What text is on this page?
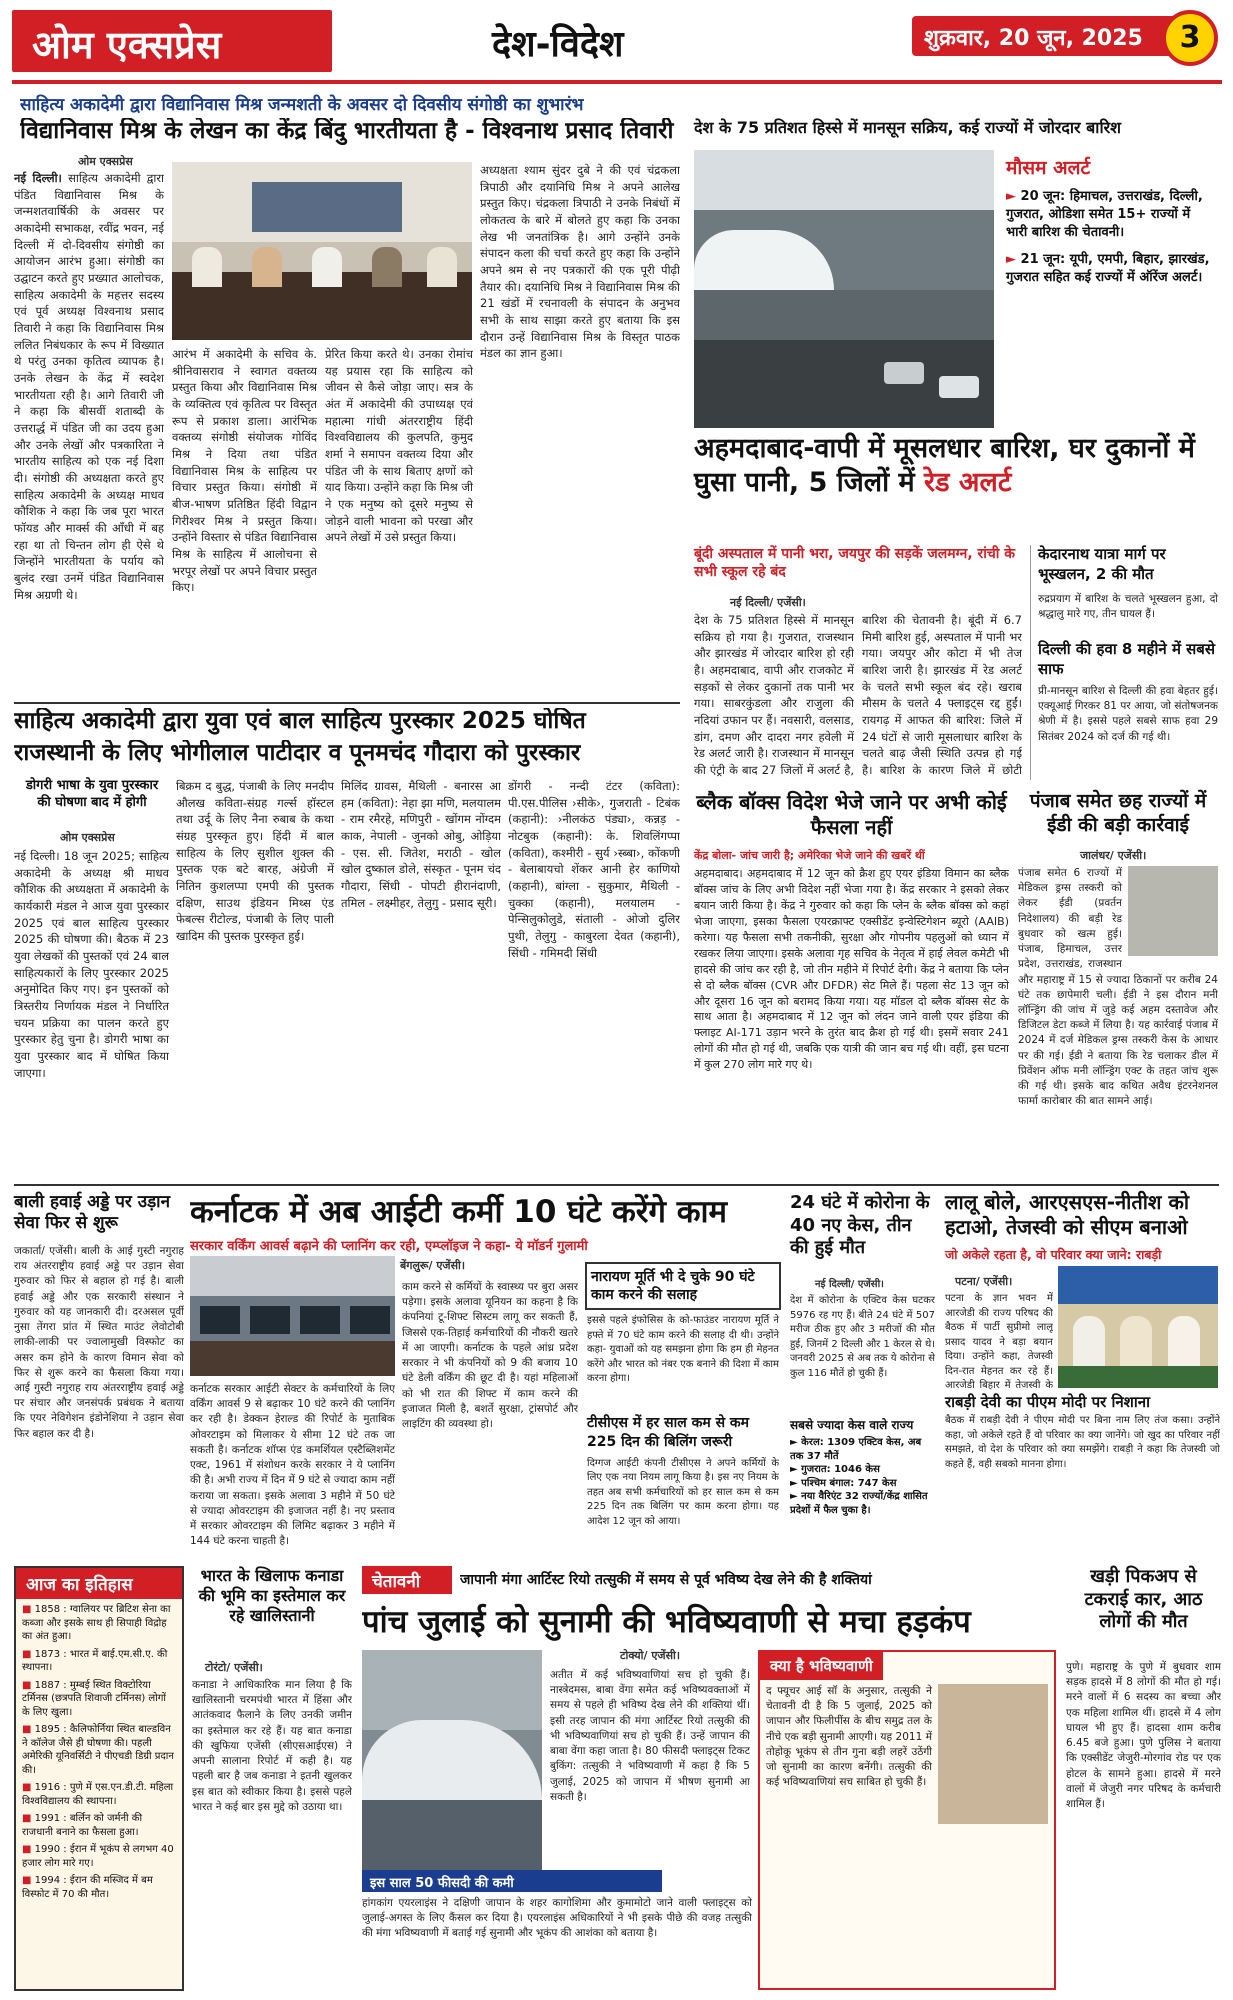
ओम एक्सप्रेस	देश-विदेश	शुक्रवार, 20 जून, 2025	3
साहित्य अकादेमी द्वारा विद्यानिवास मिश्र जन्मशती के अवसर दो दिवसीय संगोष्ठी का शुभारंभ
विद्यानिवास मिश्र के लेखन का केंद्र बिंदु भारतीयता है - विश्वनाथ प्रसाद तिवारी
ओम एक्सप्रेस

नई दिल्ली। साहित्य अकादेमी द्वारा पंडित विद्यानिवास मिश्र के जन्मशतवार्षिकी के अवसर पर अकादेमी सभाकक्ष, रवींद्र भवन, नई दिल्ली में दो-दिवसीय संगोष्ठी का आयोजन आरंभ हुआ। संगोष्ठी का उद्घाटन करते हुए प्रख्यात आलोचक, साहित्य अकादेमी के महत्तर सदस्य एवं पूर्व अध्यक्ष विश्वनाथ प्रसाद तिवारी ने कहा कि विद्यानिवास मिश्र ललित निबंधकार के रूप में विख्यात थे परंतु उनका कृतित्व व्यापक है। उनके लेखन के केंद्र में स्वदेश भारतीयता रही है। आगे तिवारी जी ने कहा कि बीसवीं शताब्दी के उत्तरार्द्ध में पंडित जी का उदय हुआ और उनके लेखों और पत्रकारिता ने भारतीय साहित्य को एक नई दिशा दी। संगोष्ठी की अध्यक्षता करते हुए साहित्य अकादेमी के अध्यक्ष माधव कौशिक ने कहा कि जब पूरा भारत फॉयड और मार्क्स की आँधी में बह रहा था तो चिन्तन लोग ही ऐसे थे जिन्होंने भारतीयता के पर्याय को बुलंद रखा उनमें पंडित विद्यानिवास मिश्र अग्रणी थे।

आरंभ में अकादेमी के सचिव के. श्रीनिवासराव ने स्वागत वक्तव्य प्रस्तुत किया और विद्यानिवास मिश्र के व्यक्तित्व एवं कृतित्व पर विस्तृत रूप से प्रकाश डाला। आरंभिक वक्तव्य संगोष्ठी संयोजक गोविंद मिश्र ने दिया तथा पंडित विद्यानिवास मिश्र के साहित्य पर विचार प्रस्तुत किया। संगोष्ठी में बीज-भाषण प्रतिष्ठित हिंदी विद्वान गिरीश्वर मिश्र ने प्रस्तुत किया। उन्होंने विस्तार से पंडित विद्यानिवास मिश्र के साहित्य में आलोचना से भरपूर लेखों पर अपने विचार प्रस्तुत किए।

प्रेरित किया करते थे। उनका रोमांच यह प्रयास रहा कि साहित्य को जीवन से कैसे जोड़ा जाए। सत्र के अंत में अकादेमी की उपाध्यक्ष एवं महात्मा गांधी अंतरराष्ट्रीय हिंदी विश्वविद्यालय की कुलपति, कुमुद शर्मा ने समापन वक्तव्य दिया और पंडित जी के साथ बिताए क्षणों को याद किया। उन्होंने कहा कि मिश्र जी ने एक मनुष्य को दूसरे मनुष्य से जोड़ने वाली भावना को परखा और अपने लेखों में उसे प्रस्तुत किया।

अध्यक्षता श्याम सुंदर दुबे ने की एवं चंद्रकला त्रिपाठी और दयानिधि मिश्र ने अपने आलेख प्रस्तुत किए। चंद्रकला त्रिपाठी ने उनके निबंधों में लोकतत्व के बारे में बोलते हुए कहा कि उनका लेख भी जनतांत्रिक है। आगे उन्होंने उनके संपादन कला की चर्चा करते हुए कहा कि उन्होंने अपने श्रम से नए पत्रकारों की एक पूरी पीढ़ी तैयार की। दयानिधि मिश्र ने विद्यानिवास मिश्र की 21 खंडों में रचनावली के संपादन के अनुभव सभी के साथ साझा करते हुए बताया कि इस दौरान उन्हें विद्यानिवास मिश्र के विस्तृत पाठक मंडल का ज्ञान हुआ।

देश के 75 प्रतिशत हिस्से में मानसून सक्रिय, कई राज्यों में जोरदार बारिश
मौसम अलर्ट
► 20 जून: हिमाचल, उत्तराखंड, दिल्ली, गुजरात, ओडिशा समेत 15+ राज्यों में भारी बारिश की चेतावनी।
► 21 जून: यूपी, एमपी, बिहार, झारखंड, गुजरात सहित कई राज्यों में ऑरेंज अलर्ट।
अहमदाबाद-वापी में मूसलधार बारिश, घर दुकानों में घुसा पानी, 5 जिलों में रेड अलर्ट
बूंदी अस्पताल में पानी भरा, जयपुर की सड़कें जलमग्न, रांची के सभी स्कूल रहे बंद
नई दिल्ली/ एजेंसी।

देश के 75 प्रतिशत हिस्से में मानसून सक्रिय हो गया है। गुजरात, राजस्थान और झारखंड में जोरदार बारिश हो रही है। अहमदाबाद, वापी और राजकोट में सड़कों से लेकर दुकानों तक पानी भर गया। साबरकुंडला और राजुला की नदियां उफान पर हैं। नवसारी, वलसाड, डांग, दमण और दादरा नगर हवेली में रेड अलर्ट जारी है। राजस्थान में मानसून की एंट्री के बाद 27 जिलों में अलर्ट है,

बारिश की चेतावनी है। बूंदी में 6.7 मिमी बारिश हुई, अस्पताल में पानी भर गया। जयपुर और कोटा में भी तेज बारिश जारी है। झारखंड में रेड अलर्ट के चलते सभी स्कूल बंद रहे। खराब मौसम के चलते 4 फ्लाइट्स रद्द हुईं। रायगढ़ में आफत की बारिश: जिले में 24 घंटों से जारी मूसलाधार बारिश के चलते बाढ़ जैसी स्थिति उत्पन्न हो गई है। बारिश के कारण जिले में छोटी

केदारनाथ यात्रा मार्ग पर भूस्खलन, 2 की मौत
रुद्रप्रयाग में बारिश के चलते भूस्खलन हुआ, दो श्रद्धालु मारे गए, तीन घायल हैं।
दिल्ली की हवा 8 महीने में सबसे साफ
प्री-मानसून बारिश से दिल्ली की हवा बेहतर हुई। एक्यूआई गिरकर 81 पर आया, जो संतोषजनक श्रेणी में है। इससे पहले सबसे साफ हवा 29 सितंबर 2024 को दर्ज की गई थी।
साहित्य अकादेमी द्वारा युवा एवं बाल साहित्य पुरस्कार 2025 घोषित
राजस्थानी के लिए भोगीलाल पाटीदार व पूनमचंद गौदारा को पुरस्कार
डोगरी भाषा के युवा पुरस्कार की घोषणा बाद में होगी
ओम एक्सप्रेस

नई दिल्ली। 18 जून 2025; साहित्य अकादेमी के अध्यक्ष श्री माधव कौशिक की अध्यक्षता में अकादेमी के कार्यकारी मंडल ने आज युवा पुरस्कार 2025 एवं बाल साहित्य पुरस्कार 2025 की घोषणा की। बैठक में 23 युवा लेखकों की पुस्तकों एवं 24 बाल साहित्यकारों के लिए पुरस्कार 2025 अनुमोदित किए गए। इन पुस्तकों को त्रिस्तरीय निर्णायक मंडल ने निर्धारित चयन प्रक्रिया का पालन करते हुए पुरस्कार हेतु चुना है। डोगरी भाषा का युवा पुरस्कार बाद में घोषित किया जाएगा।

बिक्रम द बुद्ध, पंजाबी के लिए मनदीप औलख कविता-संग्रह गर्ल्स हॉस्टल तथा उर्दू के लिए नैना रुबाब के कथा संग्रह पुरस्कृत हुए। हिंदी में बाल साहित्य के लिए सुशील शुक्ल की पुस्तक एक बटे बारह, अंग्रेजी में नितिन कुशलप्पा एमपी की पुस्तक दक्षिण, साउथ इंडियन मिथ्स एंड फेबल्स रीटोल्ड, पंजाबी के लिए पाली खादिम की पुस्तक पुरस्कृत हुई।

मिलिंद ग्रावस, मैथिली - बनारस आ हम (कविता): नेहा झा मणि, मलयालम - राम रमैरहे, मणिपुरी - खोंगम नोंग्दम काक, नेपाली - जुनको ओबु, ओड़िया - एस. सी. जितेश, मराठी - खोल खोल दुष्काल डोले, संस्कृत - पूनम चंद गौदारा, सिंधी - पोपटी हीरानंदाणी, तमिल - लक्ष्मीहर, तेलुगु - प्रसाद सूरी।

डोंगरी - नन्दी टंटर (कविता): पी.एस.पीलिस ›सीके›, गुजराती - टिबंक (कहानी): ›नीलकंठ पंड्या›, कन्नड़ - नोटबुक (कहानी): के. शिवलिंगप्पा (कविता), कश्मीरी - सुर्य ›स्ब्बा›, कोंकणी - बेलाबायचो शेंकर आनी हेर काणियो (कहानी), बांग्ला - सुकुमार, मैथिली - चुक्का (कहानी), मलयालम - पेन्सिलुकोलुडे, संताली - ओजो दुलिर पुथी, तेलुगु - काबुरला देवत (कहानी), सिंधी - गमिमदी सिंधी

ब्लैक बॉक्स विदेश भेजे जाने पर अभी कोई फैसला नहीं
केंद्र बोला- जांच जारी है; अमेरिका भेजे जाने की खबरें थीं

अहमदाबाद। अहमदाबाद में 12 जून को क्रैश हुए एयर इंडिया विमान का ब्लैक बॉक्स जांच के लिए अभी विदेश नहीं भेजा गया है। केंद्र सरकार ने इसको लेकर बयान जारी किया है। केंद्र ने गुरुवार को कहा कि प्लेन के ब्लैक बॉक्स को कहां भेजा जाएगा, इसका फैसला एयरक्राफ्ट एक्सीडेंट इन्वेस्टिगेशन ब्यूरो (AAIB) करेगा। यह फैसला सभी तकनीकी, सुरक्षा और गोपनीय पहलुओं को ध्यान में रखकर लिया जाएगा। इसके अलावा गृह सचिव के नेतृत्व में हाई लेवल कमेटी भी हादसे की जांच कर रही है, जो तीन महीने में रिपोर्ट देगी। केंद्र ने बताया कि प्लेन से दो ब्लैक बॉक्स (CVR और DFDR) सेट मिले हैं। पहला सेट 13 जून को और दूसरा 16 जून को बरामद किया गया। यह मॉडल दो ब्लैक बॉक्स सेट के साथ आता है। अहमदाबाद में 12 जून को लंदन जाने वाली एयर इंडिया की फ्लाइट AI-171 उड़ान भरने के तुरंत बाद क्रैश हो गई थी। इसमें सवार 241 लोगों की मौत हो गई थी, जबकि एक यात्री की जान बच गई थी। वहीं, इस घटना में कुल 270 लोग मारे गए थे।

पंजाब समेत छह राज्यों में ईडी की बड़ी कार्रवाई
जालंधर/ एजेंसी।

पंजाब समेत 6 राज्यों में मेडिकल ड्रग्स तस्करी को लेकर ईडी (प्रवर्तन निदेशालय) की बड़ी रेड बुधवार को खत्म हुई। पंजाब, हिमाचल, उत्तर प्रदेश, उत्तराखंड, राजस्थान और महाराष्ट्र में 15 से ज्यादा ठिकानों पर करीब 24 घंटे तक छापेमारी चली। ईडी ने इस दौरान मनी लॉन्ड्रिंग की जांच में जुड़े कई अहम दस्तावेज और डिजिटल डेटा कब्जे में लिया है। यह कार्रवाई पंजाब में 2024 में दर्ज मेडिकल ड्रग्स तस्करी केस के आधार पर की गई। ईडी ने बताया कि रेड चलाकर डील में प्रिवेंशन ऑफ मनी लॉन्ड्रिंग एक्ट के तहत जांच शुरू की गई थी। इसके बाद कथित अवैध इंटरनेशनल फार्मा कारोबार की बात सामने आई।

बाली हवाई अड्डे पर उड़ान सेवा फिर से शुरू

जकार्ता/ एजेंसी। बाली के आई गुस्टी नगुराह राय अंतरराष्ट्रीय हवाई अड्डे पर उड़ान सेवा गुरुवार को फिर से बहाल हो गई है। बाली हवाई अड्डे और एक सरकारी संस्थान ने गुरुवार को यह जानकारी दी। दरअसल पूर्वी नुसा तेंगरा प्रांत में स्थित माउंट लेवोटोबी लाकी-लाकी पर ज्वालामुखी विस्फोट का असर कम होने के कारण विमान सेवा को फिर से शुरू करने का फैसला किया गया। आई गुस्टी नगुराह राय अंतरराष्ट्रीय हवाई अड्डे पर संचार और जनसंपर्क प्रबंधक ने बताया कि एयर नेविगेशन इंडोनेशिया ने उड़ान सेवा फिर बहाल कर दी है।

कर्नाटक में अब आईटी कर्मी 10 घंटे करेंगे काम
सरकार वर्किंग आवर्स बढ़ाने की प्लानिंग कर रही, एम्प्लॉइज ने कहा- ये मॉडर्न गुलामी
बेंगलुरू/ एजेंसी।

कर्नाटक सरकार आईटी सेक्टर के कर्मचारियों के लिए वर्किंग आवर्स 9 से बढ़ाकर 10 घंटे करने की प्लानिंग कर रही है। डेक्कन हेराल्ड की रिपोर्ट के मुताबिक ओवरटाइम को मिलाकर ये सीमा 12 घंटे तक जा सकती है। कर्नाटक शॉप्स एंड कमर्शियल एस्टैब्लिशमेंट एक्ट, 1961 में संशोधन करके सरकार ने ये प्लानिंग की है। अभी राज्य में दिन में 9 घंटे से ज्यादा काम नहीं कराया जा सकता। इसके अलावा 3 महीने में 50 घंटे से ज्यादा ओवरटाइम की इजाजत नहीं है। नए प्रस्ताव में सरकार ओवरटाइम की लिमिट बढ़ाकर 3 महीने में 144 घंटे करना चाहती है।

काम करने से कर्मियों के स्वास्थ्य पर बुरा असर पड़ेगा। इसके अलावा यूनियन का कहना है कि कंपनियां टू-शिफ्ट सिस्टम लागू कर सकती हैं, जिससे एक-तिहाई कर्मचारियों की नौकरी खतरे में आ जाएगी। कर्नाटक के पहले आंध्र प्रदेश सरकार ने भी कंपनियों को 9 की बजाय 10 घंटे डेली वर्किंग की छूट दी है। यहां महिलाओं को भी रात की शिफ्ट में काम करने की इजाजत मिली है, बशर्ते सुरक्षा, ट्रांसपोर्ट और लाइटिंग की व्यवस्था हो।

नारायण मूर्ति भी दे चुके 90 घंटे काम करने की सलाह
इससे पहले इंफोसिस के को-फाउंडर नारायण मूर्ति ने हफ्ते में 70 घंटे काम करने की सलाह दी थी। उन्होंने कहा- युवाओं को यह समझना होगा कि हम ही मेहनत करेंगे और भारत को नंबर एक बनाने की दिशा में काम करना होगा।
टीसीएस में हर साल कम से कम 225 दिन की बिलिंग जरूरी
दिग्गज आईटी कंपनी टीसीएस ने अपने कर्मियों के लिए एक नया नियम लागू किया है। इस नए नियम के तहत अब सभी कर्मचारियों को हर साल कम से कम 225 दिन तक बिलिंग पर काम करना होगा। यह आदेश 12 जून को आया।
24 घंटे में कोरोना के 40 नए केस, तीन की हुई मौत
नई दिल्ली/ एजेंसी।

देश में कोरोना के एक्टिव केस घटकर 5976 रह गए हैं। बीते 24 घंटे में 507 मरीज ठीक हुए और 3 मरीजों की मौत हुई, जिनमें 2 दिल्ली और 1 केरल से थे। जनवरी 2025 से अब तक ये कोरोना से कुल 116 मौतें हो चुकी हैं।

सबसे ज्यादा केस वाले राज्य
► केरल: 1309 एक्टिव केस, अब तक 37 मौतें
► गुजरात: 1046 केस
► पश्चिम बंगाल: 747 केस
► नया वैरिएंट 32 राज्यों/केंद्र शासित प्रदेशों में फैल चुका है।
लालू बोले, आरएसएस-नीतीश को हटाओ, तेजस्वी को सीएम बनाओ
जो अकेले रहता है, वो परिवार क्या जाने: राबड़ी
पटना/ एजेंसी।

पटना के ज्ञान भवन में आरजेडी की राज्य परिषद की बैठक में पार्टी सुप्रीमो लालू प्रसाद यादव ने बड़ा बयान दिया। उन्होंने कहा, तेजस्वी दिन-रात मेहनत कर रहे हैं। आरजेडी बिहार में तेजस्वी के

राबड़ी देवी का पीएम मोदी पर निशाना

बैठक में राबड़ी देवी ने पीएम मोदी पर बिना नाम लिए तंज कसा। उन्होंने कहा, जो अकेले रहते हैं वो परिवार का क्या जानेंगे। जो खुद का परिवार नहीं समझते, वो देश के परिवार को क्या समझेंगे। राबड़ी ने कहा कि तेजस्वी जो कहते हैं, वही सबको मानना होगा।

आज का इतिहास
■ 1858 : ग्वालियर पर ब्रिटिश सेना का कब्जा और इसके साथ ही सिपाही विद्रोह का अंत हुआ।
■ 1873 : भारत में बाई.एम.सी.ए. की स्थापना।
■ 1887 : मुम्बई स्थित विक्टोरिया टर्मिनस (छत्रपति शिवाजी टर्मिनस) लोगों के लिए खुला।
■ 1895 : कैलिफोर्निया स्थित बाल्डविन ने कॉलेज जैसे ही घोषणा की। पहली अमेरिकी यूनिवर्सिटी ने पीएचडी डिग्री प्रदान की।
■ 1916 : पुणे में एस.एन.डी.टी. महिला विश्वविद्यालय की स्थापना।
■ 1991 : बर्लिन को जर्मनी की राजधानी बनाने का फैसला हुआ।
■ 1990 : ईरान में भूकंप से लगभग 40 हजार लोग मारे गए।
■ 1994 : ईरान की मस्जिद में बम विस्फोट में 70 की मौत।
भारत के खिलाफ कनाडा की भूमि का इस्तेमाल कर रहे खालिस्तानी
टोरंटो/ एजेंसी।

कनाडा ने आधिकारिक मान लिया है कि खालिस्तानी चरमपंथी भारत में हिंसा और आतंकवाद फैलाने के लिए उनकी जमीन का इस्तेमाल कर रहे हैं। यह बात कनाडा की खुफिया एजेंसी (सीएसआईएस) ने अपनी सालाना रिपोर्ट में कही है। यह पहली बार है जब कनाडा ने इतनी खुलकर इस बात को स्वीकार किया है। इससे पहले भारत ने कई बार इस मुद्दे को उठाया था।

चेतावनी	जापानी मंगा आर्टिस्ट रियो तत्सुकी में समय से पूर्व भविष्य देख लेने की है शक्तियां
पांच जुलाई को सुनामी की भविष्यवाणी से मचा हड़कंप
टोक्यो/ एजेंसी।
इस साल 50 फीसदी की कमी

अतीत में कई भविष्यवाणियां सच हो चुकी हैं। नास्त्रेदमस, बाबा वेंगा समेत कई भविष्यवक्ताओं में समय से पहले ही भविष्य देख लेने की शक्तियां थीं। इसी तरह जापान की मंगा आर्टिस्ट रियो तत्सुकी की भी भविष्यवाणियां सच हो चुकी हैं। उन्हें जापान की बाबा वेंगा कहा जाता है। 80 फीसदी फ्लाइट्स टिकट बुकिंग: तत्सुकी ने भविष्यवाणी में कहा है कि 5 जुलाई, 2025 को जापान में भीषण सुनामी आ सकती है।

हांगकांग एयरलाइंस ने दक्षिणी जापान के शहर कागोशिमा और कुमामोटो जाने वाली फ्लाइट्स को जुलाई-अगस्त के लिए कैंसल कर दिया है। एयरलाइंस अधिकारियों ने भी इसके पीछे की वजह तत्सुकी की मंगा भविष्यवाणी में बताई गई सुनामी और भूकंप की आशंका को बताया है।

क्या है भविष्यवाणी

द फ्यूचर आई सॉ के अनुसार, तत्सुकी ने चेतावनी दी है कि 5 जुलाई, 2025 को जापान और फिलीपींस के बीच समुद्र तल के नीचे एक बड़ी सुनामी आएगी। यह 2011 में तोहोकू भूकंप से तीन गुना बड़ी लहरें उठेंगी जो सुनामी का कारण बनेंगी। तत्सुकी की कई भविष्यवाणियां सच साबित हो चुकी हैं।

खड़ी पिकअप से टकराई कार, आठ लोगों की मौत

पुणे। महाराष्ट्र के पुणे में बुधवार शाम सड़क हादसे में 8 लोगों की मौत हो गई। मरने वालों में 6 सदस्य का बच्चा और एक महिला शामिल थीं। हादसे में 4 लोग घायल भी हुए हैं। हादसा शाम करीब 6.45 बजे हुआ। पुणे पुलिस ने बताया कि एक्सीडेंट जेजुरी-मोरगांव रोड पर एक होटल के सामने हुआ। हादसे में मरने वालों में जेजुरी नगर परिषद के कर्मचारी शामिल हैं।
